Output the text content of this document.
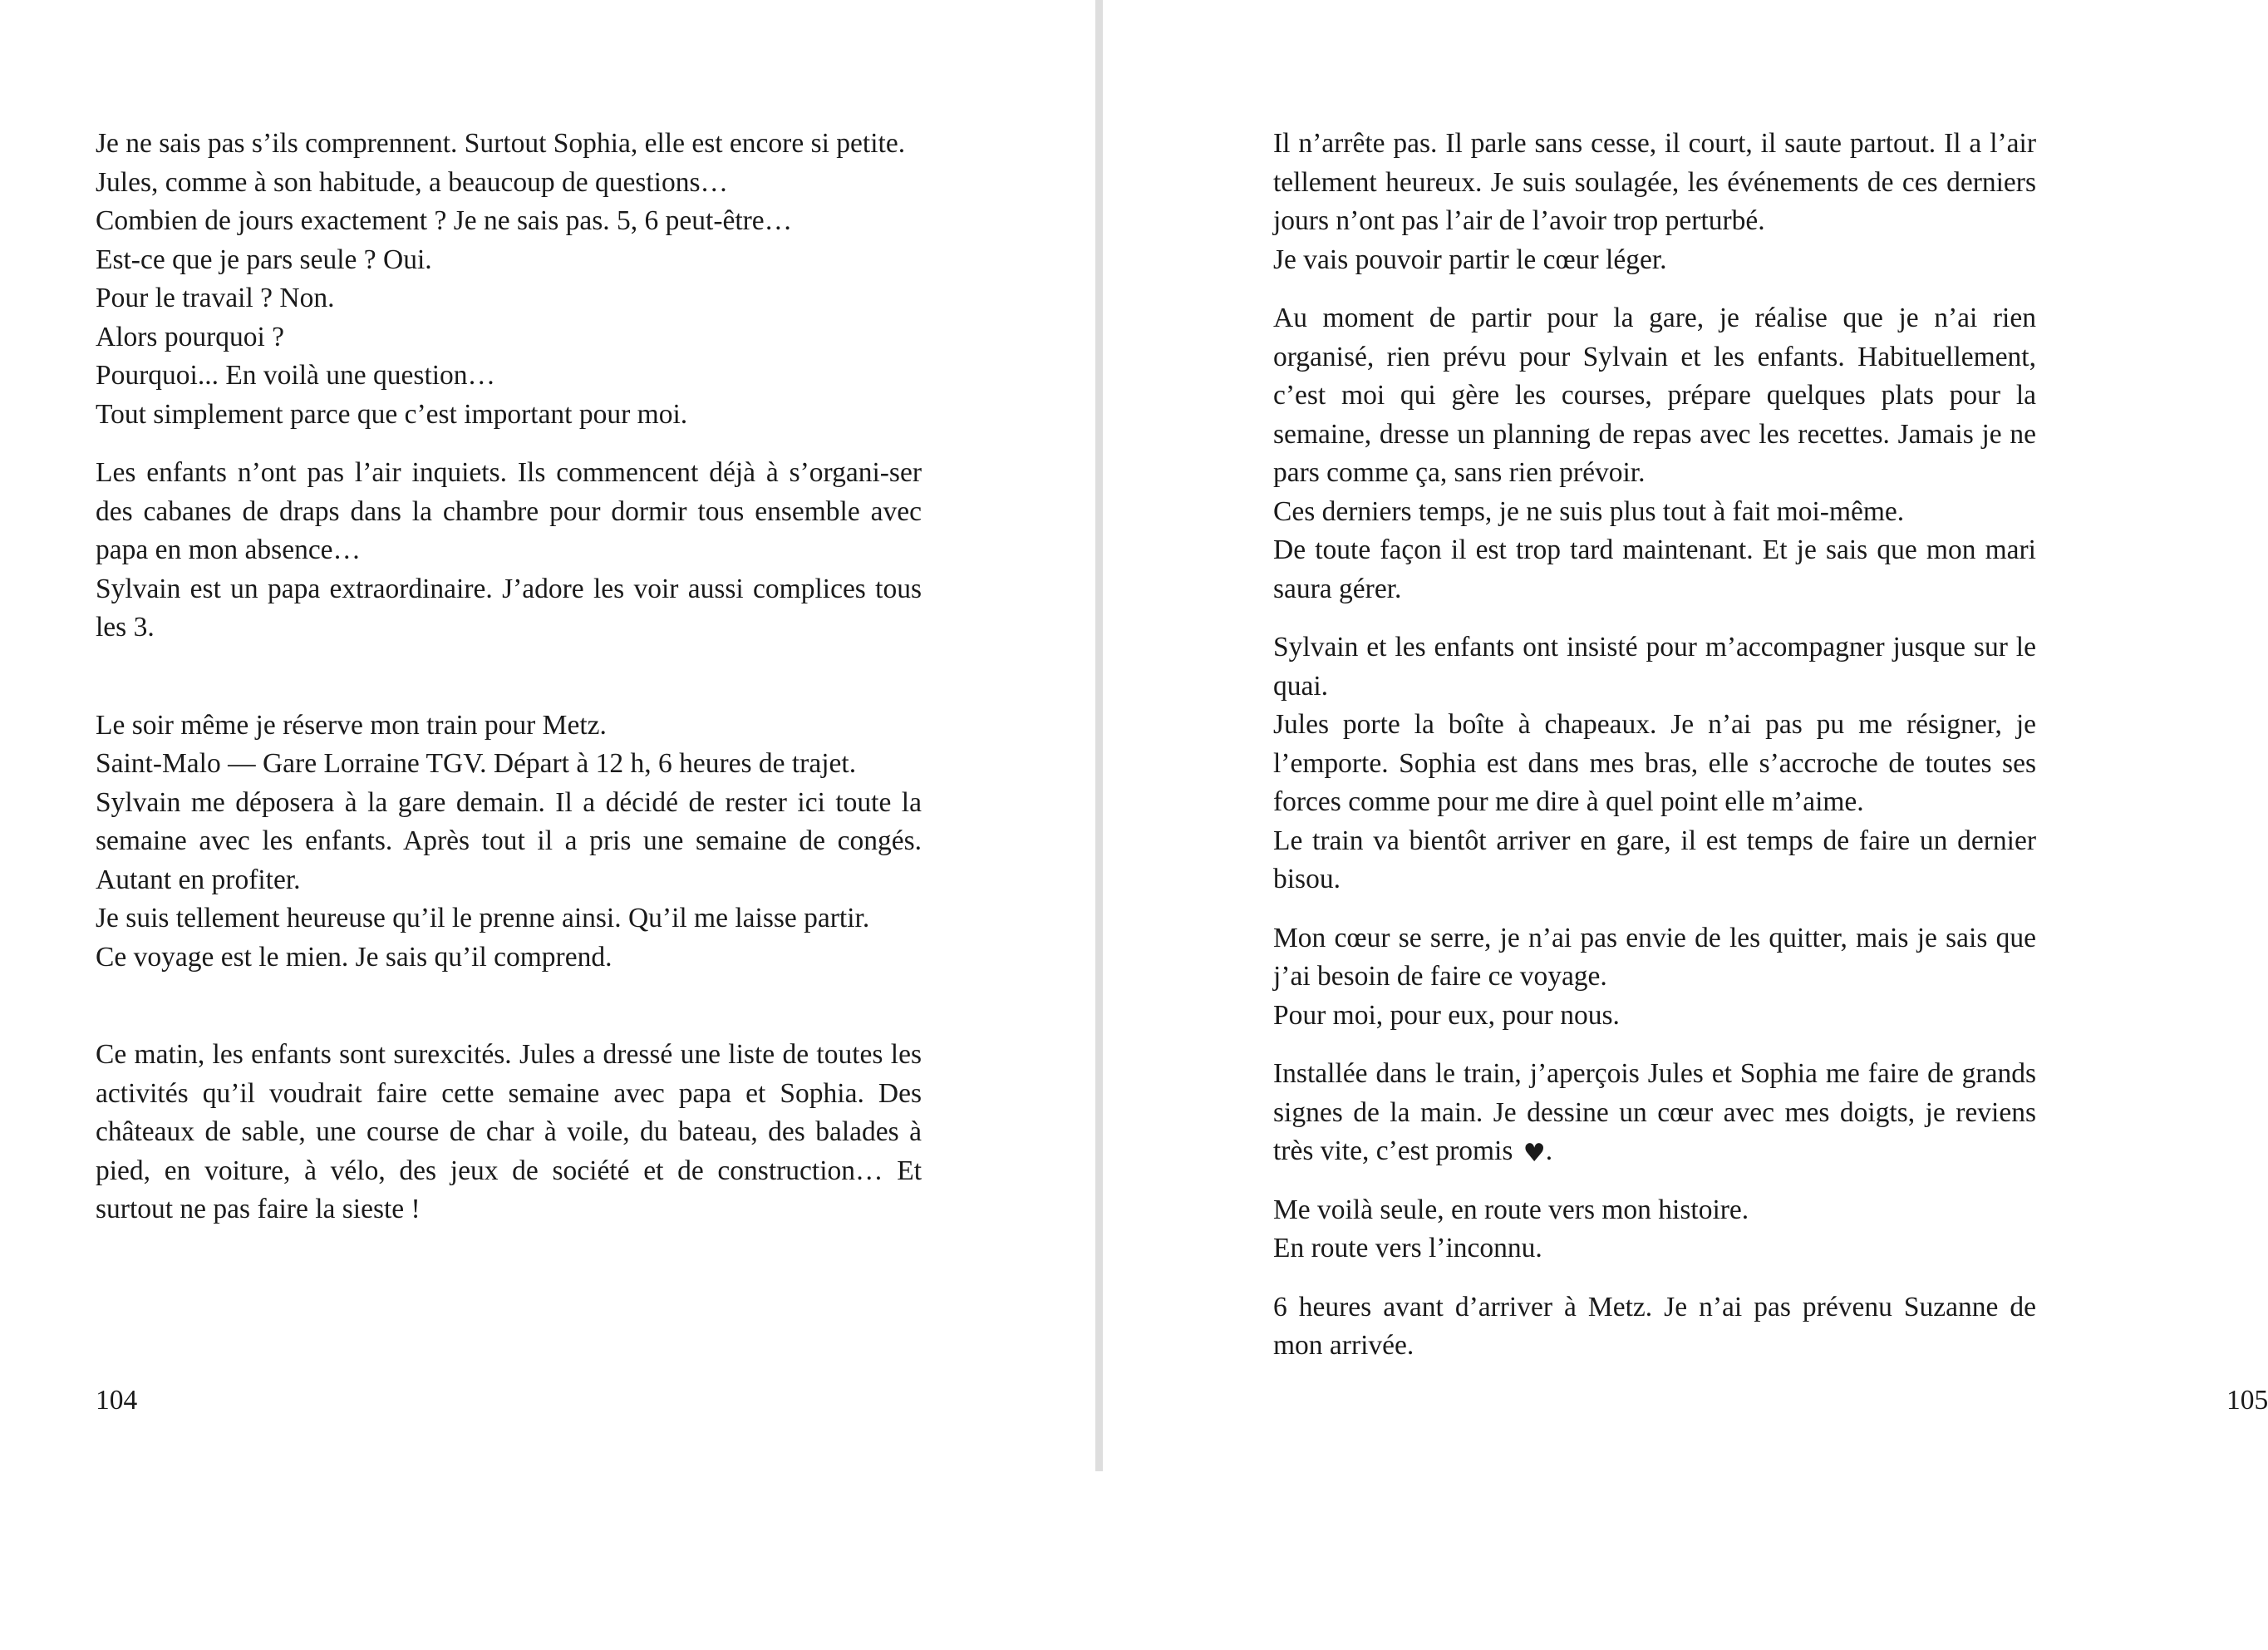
Je ne sais pas s’ils comprennent. Surtout Sophia, elle est encore si petite.
Jules, comme à son habitude, a beaucoup de questions…
Combien de jours exactement ? Je ne sais pas. 5, 6 peut-être…
Est-ce que je pars seule ? Oui.
Pour le travail ? Non.
Alors pourquoi ?
Pourquoi... En voilà une question…
Tout simplement parce que c’est important pour moi.

Les enfants n’ont pas l’air inquiets. Ils commencent déjà à s’organi-ser des cabanes de draps dans la chambre pour dormir tous ensemble avec papa en mon absence…
Sylvain est un papa extraordinaire. J’adore les voir aussi complices tous les 3.

Le soir même je réserve mon train pour Metz.
Saint-Malo — Gare Lorraine TGV. Départ à 12 h, 6 heures de trajet.
Sylvain me déposera à la gare demain. Il a décidé de rester ici toute la semaine avec les enfants. Après tout il a pris une semaine de congés. Autant en profiter.
Je suis tellement heureuse qu’il le prenne ainsi. Qu’il me laisse partir.
Ce voyage est le mien. Je sais qu’il comprend.

Ce matin, les enfants sont surexcités. Jules a dressé une liste de toutes les activités qu’il voudrait faire cette semaine avec papa et Sophia. Des châteaux de sable, une course de char à voile, du bateau, des balades à pied, en voiture, à vélo, des jeux de société et de construction… Et surtout ne pas faire la sieste !

104

Il n’arrête pas. Il parle sans cesse, il court, il saute partout. Il a l’air tellement heureux. Je suis soulagée, les événements de ces derniers jours n’ont pas l’air de l’avoir trop perturbé.
Je vais pouvoir partir le cœur léger.

Au moment de partir pour la gare, je réalise que je n’ai rien organisé, rien prévu pour Sylvain et les enfants. Habituellement, c’est moi qui gère les courses, prépare quelques plats pour la semaine, dresse un planning de repas avec les recettes. Jamais je ne pars comme ça, sans rien prévoir.
Ces derniers temps, je ne suis plus tout à fait moi-même.
De toute façon il est trop tard maintenant. Et je sais que mon mari saura gérer.

Sylvain et les enfants ont insisté pour m’accompagner jusque sur le quai.
Jules porte la boîte à chapeaux. Je n’ai pas pu me résigner, je l’emporte. Sophia est dans mes bras, elle s’accroche de toutes ses forces comme pour me dire à quel point elle m’aime.
Le train va bientôt arriver en gare, il est temps de faire un dernier bisou.

Mon cœur se serre, je n’ai pas envie de les quitter, mais je sais que j’ai besoin de faire ce voyage.
Pour moi, pour eux, pour nous.

Installée dans le train, j’aperçois Jules et Sophia me faire de grands signes de la main. Je dessine un cœur avec mes doigts, je reviens très vite, c’est promis ♥.

Me voilà seule, en route vers mon histoire.
En route vers l’inconnu.

6 heures avant d’arriver à Metz. Je n’ai pas prévenu Suzanne de mon arrivée.

105
